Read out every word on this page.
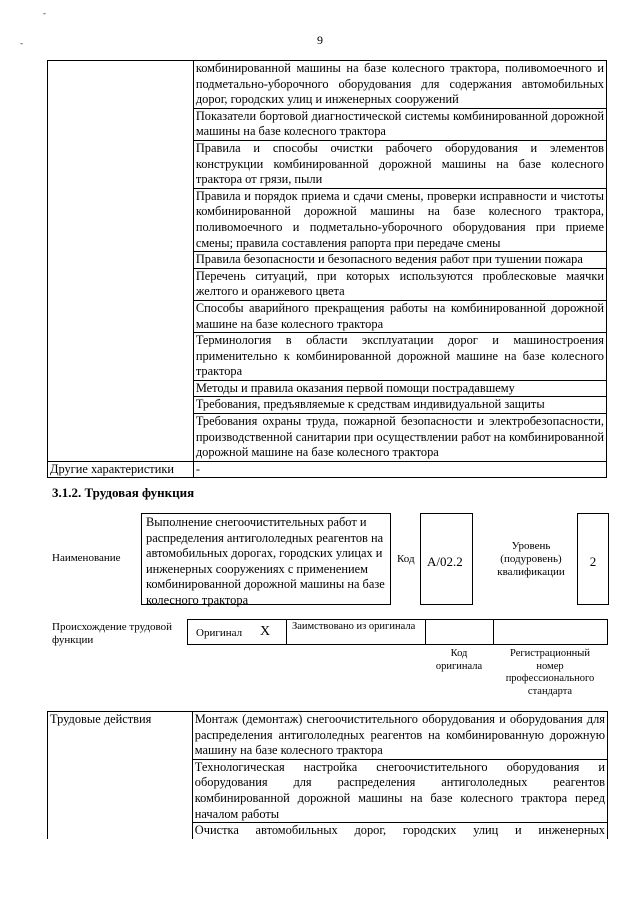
9
-
-
	комбинированной машины на базе колесного трактора, поливомоечного и подметально-уборочного оборудования для содержания автомобильных дорог, городских улиц и инженерных сооружений
	Показатели бортовой диагностической системы комбинированной дорожной машины на базе колесного трактора
	Правила и способы очистки рабочего оборудования и элементов конструкции комбинированной дорожной машины на базе колесного трактора от грязи, пыли
	Правила и порядок приема и сдачи смены, проверки исправности и чистоты комбинированной дорожной машины на базе колесного трактора, поливомоечного и подметально-уборочного оборудования при приеме смены; правила составления рапорта при передаче смены
	Правила безопасности и безопасного ведения работ при тушении пожара
	Перечень ситуаций, при которых используются проблесковые маячки желтого и оранжевого цвета
	Способы аварийного прекращения работы на комбинированной дорожной машине на базе колесного трактора
	Терминология в области эксплуатации дорог и машиностроения применительно к комбинированной дорожной машине на базе колесного трактора
	Методы и правила оказания первой помощи пострадавшему
	Требования, предъявляемые к средствам индивидуальной защиты
	Требования охраны труда, пожарной безопасности и электробезопасности, производственной санитарии при осуществлении работ на комбинированной дорожной машине на базе колесного трактора
Другие характеристики	-
3.1.2. Трудовая функция
Наименование
Выполнение снегоочистительных работ и распределения антигололедных реагентов на автомобильных дорогах, городских улицах и инженерных сооружениях с применением комбинированной дорожной машины на базе колесного трактора
Код А/02.2
Уровень (подуровень) квалификации
2
Происхождение трудовой функции
Оригинал X Заимствовано из оригинала
Код оригинала
Регистрационный номер профессионального стандарта
Трудовые действия	Монтаж (демонтаж) снегоочистительного оборудования и оборудования для распределения антигололедных реагентов на комбинированную дорожную машину на базе колесного трактора
	Технологическая настройка снегоочистительного оборудования и оборудования для распределения антигололедных реагентов комбинированной дорожной машины на базе колесного трактора перед началом работы
	Очистка автомобильных дорог, городских улиц и инженерных
